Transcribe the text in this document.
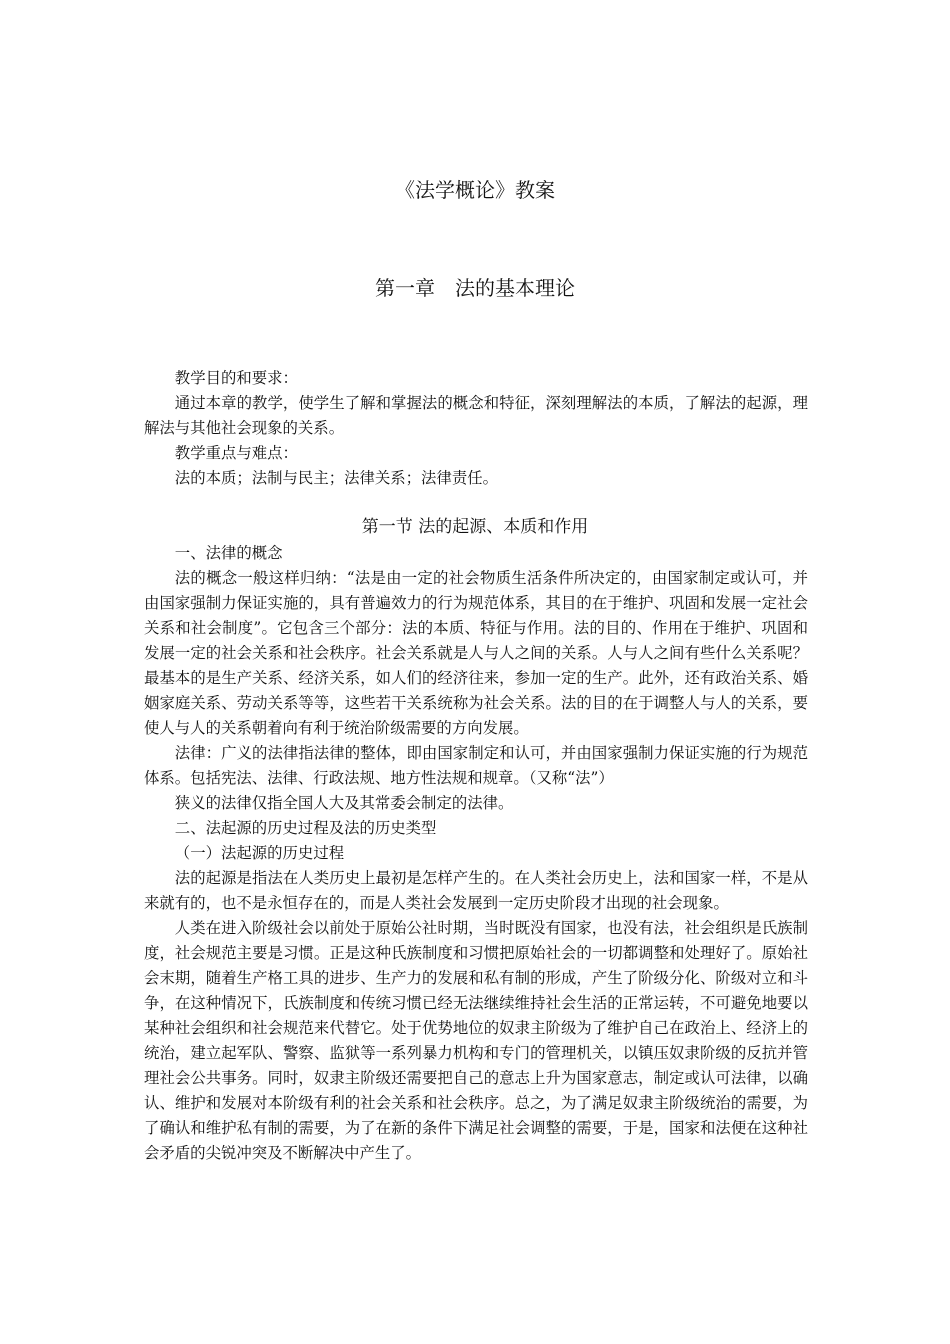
《法学概论》教案
第一章　法的基本理论

教学目的和要求：

通过本章的教学，使学生了解和掌握法的概念和特征，深刻理解法的本质，了解法的起源，理解法与其他社会现象的关系。

教学重点与难点：

法的本质；法制与民主；法律关系；法律责任。

第一节 法的起源、本质和作用

一、法律的概念

法的概念一般这样归纳：“法是由一定的社会物质生活条件所决定的，由国家制定或认可，并由国家强制力保证实施的，具有普遍效力的行为规范体系，其目的在于维护、巩固和发展一定社会关系和社会制度”。它包含三个部分：法的本质、特征与作用。法的目的、作用在于维护、巩固和发展一定的社会关系和社会秩序。社会关系就是人与人之间的关系。人与人之间有些什么关系呢？最基本的是生产关系、经济关系，如人们的经济往来，参加一定的生产。此外，还有政治关系、婚姻家庭关系、劳动关系等等，这些若干关系统称为社会关系。法的目的在于调整人与人的关系，要使人与人的关系朝着向有利于统治阶级需要的方向发展。

法律：广义的法律指法律的整体，即由国家制定和认可，并由国家强制力保证实施的行为规范体系。包括宪法、法律、行政法规、地方性法规和规章。（又称“法”）

狭义的法律仅指全国人大及其常委会制定的法律。

二、法起源的历史过程及法的历史类型

（一）法起源的历史过程

法的起源是指法在人类历史上最初是怎样产生的。在人类社会历史上，法和国家一样，不是从来就有的，也不是永恒存在的，而是人类社会发展到一定历史阶段才出现的社会现象。

人类在进入阶级社会以前处于原始公社时期，当时既没有国家，也没有法，社会组织是氏族制度，社会规范主要是习惯。正是这种氏族制度和习惯把原始社会的一切都调整和处理好了。原始社会末期，随着生产格工具的进步、生产力的发展和私有制的形成，产生了阶级分化、阶级对立和斗争，在这种情况下，氏族制度和传统习惯已经无法继续维持社会生活的正常运转，不可避免地要以某种社会组织和社会规范来代替它。处于优势地位的奴隶主阶级为了维护自己在政治上、经济上的统治，建立起军队、警察、监狱等一系列暴力机构和专门的管理机关，以镇压奴隶阶级的反抗并管理社会公共事务。同时，奴隶主阶级还需要把自己的意志上升为国家意志，制定或认可法律，以确认、维护和发展对本阶级有利的社会关系和社会秩序。总之，为了满足奴隶主阶级统治的需要，为了确认和维护私有制的需要，为了在新的条件下满足社会调整的需要，于是，国家和法便在这种社会矛盾的尖锐冲突及不断解决中产生了。
